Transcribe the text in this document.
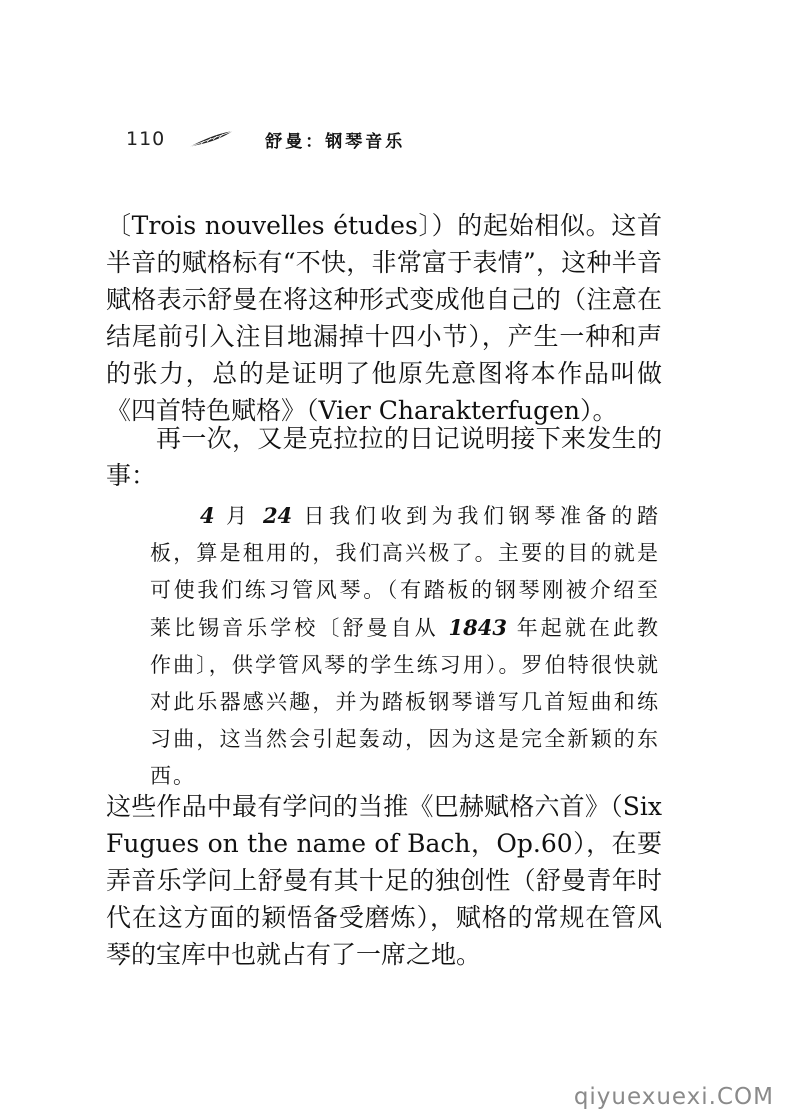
110	舒曼：钢琴音乐

〔Trois nouvelles études〕）的起始相似。这首半音的赋格标有“不快，非常富于表情”，这种半音赋格表示舒曼在将这种形式变成他自己的（注意在结尾前引入注目地漏掉十四小节），产生一种和声的张力，总的是证明了他原先意图将本作品叫做《四首特色赋格》（Vier Charakterfugen）。

再一次，又是克拉拉的日记说明接下来发生的事：

4 月 24 日我们收到为我们钢琴准备的踏板，算是租用的，我们高兴极了。主要的目的就是可使我们练习管风琴。（有踏板的钢琴刚被介绍至莱比锡音乐学校〔舒曼自从 1843 年起就在此教作曲〕，供学管风琴的学生练习用）。罗伯特很快就对此乐器感兴趣，并为踏板钢琴谱写几首短曲和练习曲，这当然会引起轰动，因为这是完全新颖的东西。

这些作品中最有学问的当推《巴赫赋格六首》（Six Fugues on the name of Bach，Op.60），在要弄音乐学问上舒曼有其十足的独创性（舒曼青年时代在这方面的颖悟备受磨炼），赋格的常规在管风琴的宝库中也就占有了一席之地。

qiyuexuexi.COM
